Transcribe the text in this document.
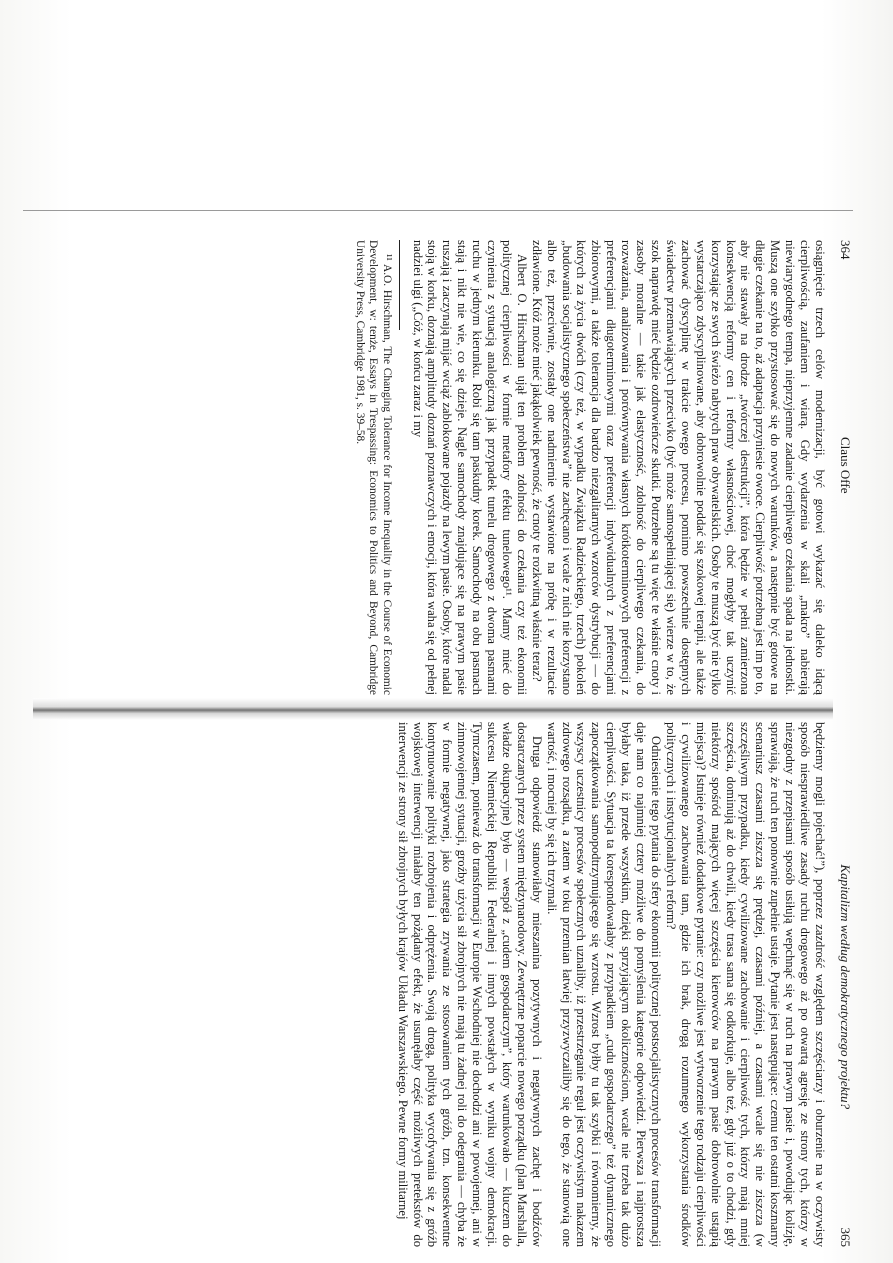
364
Claus Offe

osiągnięcie trzech celów modernizacji, być gotowi wykazać się daleko idącą cierpliwością, zaufaniem i wiarą. Gdy wydarzenia w skali „makro” nabierają niewiarygodnego tempa, nieprzyjemne zadanie cierpliwego czekania spada na jednostki. Muszą one szybko przystosować się do nowych warunków, a następnie być gotowe na długie czekanie na to, aż adaptacja przyniesie owoce. Cierpliwość potrzebna jest im po to, aby nie stawały na drodze „twórczej destrukcji”, która będzie w pełni zamierzona konsekwencją reformy cen i reformy własnościowej, choć mogłyby tak uczynić korzystając ze swych świeżo nabytych praw obywatelskich. Osoby te muszą być nie tylko wystarczająco zdyscyplinowane, aby dobrowolnie poddać się szokowej terapii, ale także zachować dyscyplinę w trakcie owego procesu, pomimo powszechnie dostępnych świadectw przemawiających przeciwko (być może samospełniającej się) wierze w to, że szok naprawdę mieć będzie ozdrowieńcze skutki. Potrzebne są tu więc te właśnie cnoty i zasoby moralne — takie jak elastyczność, zdolność do cierpliwego czekania, do rozważania, analizowania i porównywania własnych krótkoterminowych preferencji z preferencjami długoterminowymi oraz preferencji indywidualnych z preferencjami zbiorowymi, a także tolerancja dla bardzo niezgalitarnych wzorców dystrybucji — do których za życia dwóch (czy też, w wypadku Związku Radzieckiego, trzech) pokoleń „budowania socjalistycznego społeczeństwa” nie zachęcano i wcale z nich nie korzystano albo też, przeciwnie, zostały one nadmiernie wystawione na próbę i w rezultacie zdławione. Któż może mieć jakąkolwiek pewność, że cnoty te rozkwitną właśnie teraz?

Albert O. Hirschman ujął ten problem zdolności do czekania czy też ekonomii politycznej cierpliwości w formie metafory efektu tunelowego¹¹. Mamy mieć do czynienia z sytuacją analogiczną jak przypadek tunelu drogowego z dwoma pasmami ruchu w jednym kierunku. Robi się tam paskudny korek. Samochody na obu pasmach stają i nikt nie wie, co się dzieje. Nagle samochody znajdujące się na prawym pasie ruszają i zaczynają mijać wciąż zablokowane pojazdy na lewym pasie. Osoby, które nadal stoją w korku, doznają amplitudy doznań poznawczych i emocji, która waha się od pełnej nadziei ulgi („Cóż, w końcu zaraz i my

¹¹ A.O. Hirschman, The Changing Tolerance for Income Inequality in the Course of Economic Development, w: tenże, Essays in Trespassing: Economics to Politics and Beyond, Cambridge University Press, Cambridge 1981, s. 39–58.
Kapitalizm według demokratycznego projektu?
365

będziemy mogli pojechać!”), poprzez zazdrość względem szczęściarzy i oburzenie na w oczywisty sposób niesprawiedliwe zasady ruchu drogowego aż po otwartą agresję ze strony tych, którzy w niezgodny z przepisami sposób usiłują wepchnąć się w ruch na prawym pasie i, powodując kolizję, sprawiają, że ruch ten ponownie zupełnie ustaje. Pytanie jest następujące: czemu ten ostatni koszmarny scenariusz czasami ziszcza się prędzej, czasami później, a czasami wcale się nie ziszcza (w szczęśliwym przypadku, kiedy cywilizowane zachowanie i cierpliwość tych, którzy mają mniej szczęścia, dominują aż do chwili, kiedy trasa sama się odkorkuje, albo też, gdy już o to chodzi, gdy niektórzy spośród mających więcej szczęścia kierowców na prawym pasie dobrowolnie ustąpią miejsca)? Istnieje również dodatkowe pytanie: czy możliwe jest wytworzenie tego rodzaju cierpliwości i cywilizowanego zachowania tam, gdzie ich brak, drogą rozumnego wykorzystania środków politycznych i instytucjonalnych reform?

Odniesienie tego pytania do sfery ekonomii politycznej postsocjalistycznych procesów transformacji daje nam co najmniej cztery możliwe do pomyślenia kategorie odpowiedzi. Pierwsza i najprostsza byłaby taka, iż przede wszystkim, dzięki sprzyjającym okolicznościom, wcale nie trzeba tak dużo cierpliwości. Sytuacja ta korespondowałaby z przypadkiem „cudu gospodarczego” też dynamicznego zapoczątkowania samopodtrzymującego się wzrostu. Wzrost byłby tu tak szybki i równomierny, że wszyscy uczestnicy procesów społecznych uznaliby, iż przestrzeganie reguł jest oczywistym nakazem zdrowego rozsądku, a zatem w toku przemian łatwiej przyzwyczailiby się do tego, że stanowią one wartość, i mocniej by się ich trzymali.

Druga odpowiedź stanowiłaby mieszanina pozytywnych i negatywnych zachęt i bodźców dostarczanych przez system międzynarodowy. Zewnętrzne poparcie nowego porządku (plan Marshalla, władze okupacyjne) było — wespół z „cudem gospodarczym”, który warunkowało — kluczem do sukcesu Niemieckiej Republiki Federalnej i innych powstałych w wyniku wojny demokracji. Tymczasem, ponieważ do transformacji w Europie Wschodniej nie dochodzi ani w powojennej, ani w zimnowojennej sytuacji, groźby użycia sił zbrojnych nie mają tu żadnej roli do odegrania — chyba że w formie negatywnej, jako strategia zrywania ze stosowaniem tych gróźb, tzn. konsekwentne kontynuowanie polityki rozbrojenia i odprężenia. Swoją drogą, polityka wycofywania się z gróźb wojskowej interwencji miałaby ten pożądany efekt, że usunęłaby część możliwych pretekstów do interwencji ze strony sił zbrojnych byłych krajów Układu Warszawskiego. Pewne formy militarnej
